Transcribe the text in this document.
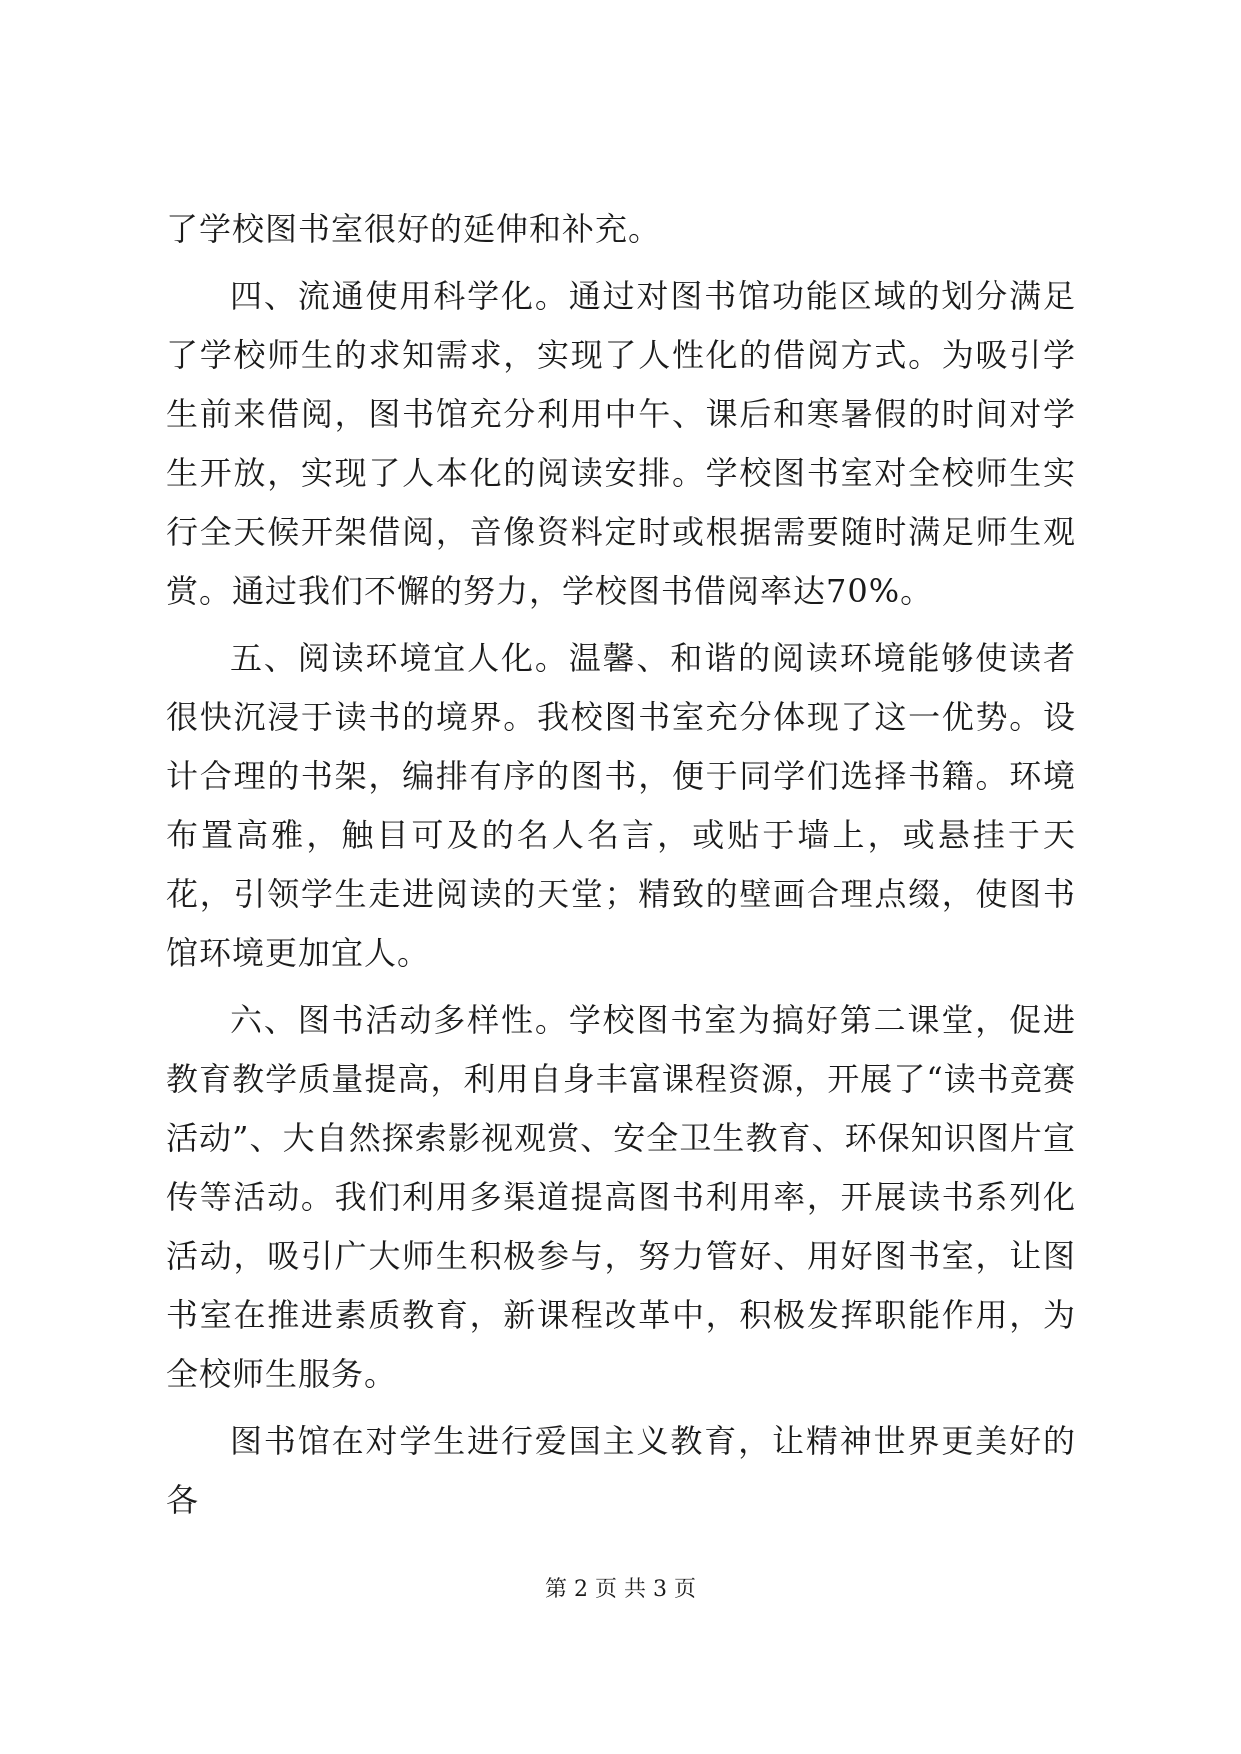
了学校图书室很好的延伸和补充。

四、流通使用科学化。通过对图书馆功能区域的划分满足了学校师生的求知需求，实现了人性化的借阅方式。为吸引学生前来借阅，图书馆充分利用中午、课后和寒暑假的时间对学生开放，实现了人本化的阅读安排。学校图书室对全校师生实行全天候开架借阅，音像资料定时或根据需要随时满足师生观赏。通过我们不懈的努力，学校图书借阅率达70%。

五、阅读环境宜人化。温馨、和谐的阅读环境能够使读者很快沉浸于读书的境界。我校图书室充分体现了这一优势。设计合理的书架，编排有序的图书，便于同学们选择书籍。环境布置高雅，触目可及的名人名言，或贴于墙上，或悬挂于天花，引领学生走进阅读的天堂；精致的壁画合理点缀，使图书馆环境更加宜人。

六、图书活动多样性。学校图书室为搞好第二课堂，促进教育教学质量提高，利用自身丰富课程资源，开展了“读书竞赛活动”、大自然探索影视观赏、安全卫生教育、环保知识图片宣传等活动。我们利用多渠道提高图书利用率，开展读书系列化活动，吸引广大师生积极参与，努力管好、用好图书室，让图书室在推进素质教育，新课程改革中，积极发挥职能作用，为全校师生服务。

图书馆在对学生进行爱国主义教育，让精神世界更美好的各

第 2 页 共 3 页
